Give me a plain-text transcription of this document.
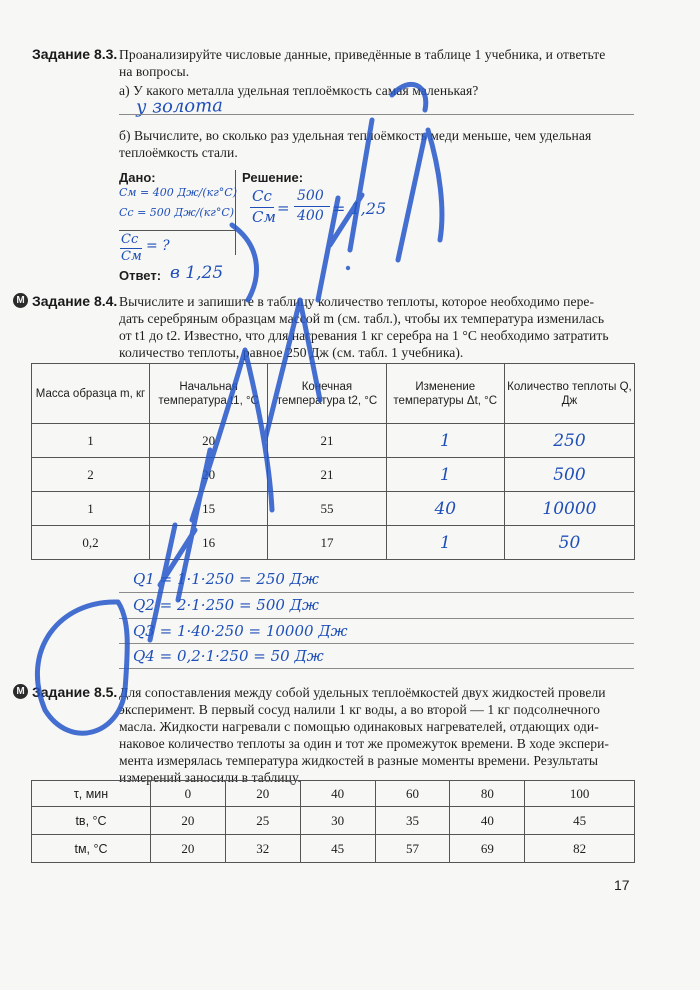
Задание 8.3. Проанализируйте числовые данные, приведённые в таблице 1 учебника, и ответьте
на вопросы.
а) У какого металла удельная теплоёмкость самая маленькая?
у золота
б) Вычислите, во сколько раз удельная теплоёмкость меди меньше, чем удельная
теплоёмкость стали.
Дано:	Решение:
См = 400 Дж/(кг°С)
Сс = 500 Дж/(кг°С)
Сс
См
= ?
Сс
См =
500
400 = 1,25
Ответ: в 1,25
М Задание 8.4. Вычислите и запишите в таблицу количество теплоты, которое необходимо пере-
дать серебряным образцам массой m (см. табл.), чтобы их температура изменилась
от t1 до t2. Известно, что для нагревания 1 кг серебра на 1 °С необходимо затратить
количество теплоты, равное 250 Дж (см. табл. 1 учебника).
Масса образца m, кг	Начальная температура t1, °С	Конечная температура t2, °С	Изменение температуры Δt, °С	Количество теплоты Q, Дж
1	20	21	1	250
2	20	21	1	500
1	15	55	40	10000
0,2	16	17	1	50
Q1 = 1·1·250 = 250 Дж
Q2 = 2·1·250 = 500 Дж
Q3 = 1·40·250 = 10000 Дж
Q4 = 0,2·1·250 = 50 Дж
М Задание 8.5. Для сопоставления между собой удельных теплоёмкостей двух жидкостей провели
эксперимент. В первый сосуд налили 1 кг воды, а во второй — 1 кг подсолнечного
масла. Жидкости нагревали с помощью одинаковых нагревателей, отдающих оди-
наковое количество теплоты за один и тот же промежуток времени. В ходе экспери-
мента измерялась температура жидкостей в разные моменты времени. Результаты
измерений заносили в таблицу.
τ, мин	0	20	40	60	80	100
tв, °С	20	25	30	35	40	45
tм, °С	20	32	45	57	69	82
17
